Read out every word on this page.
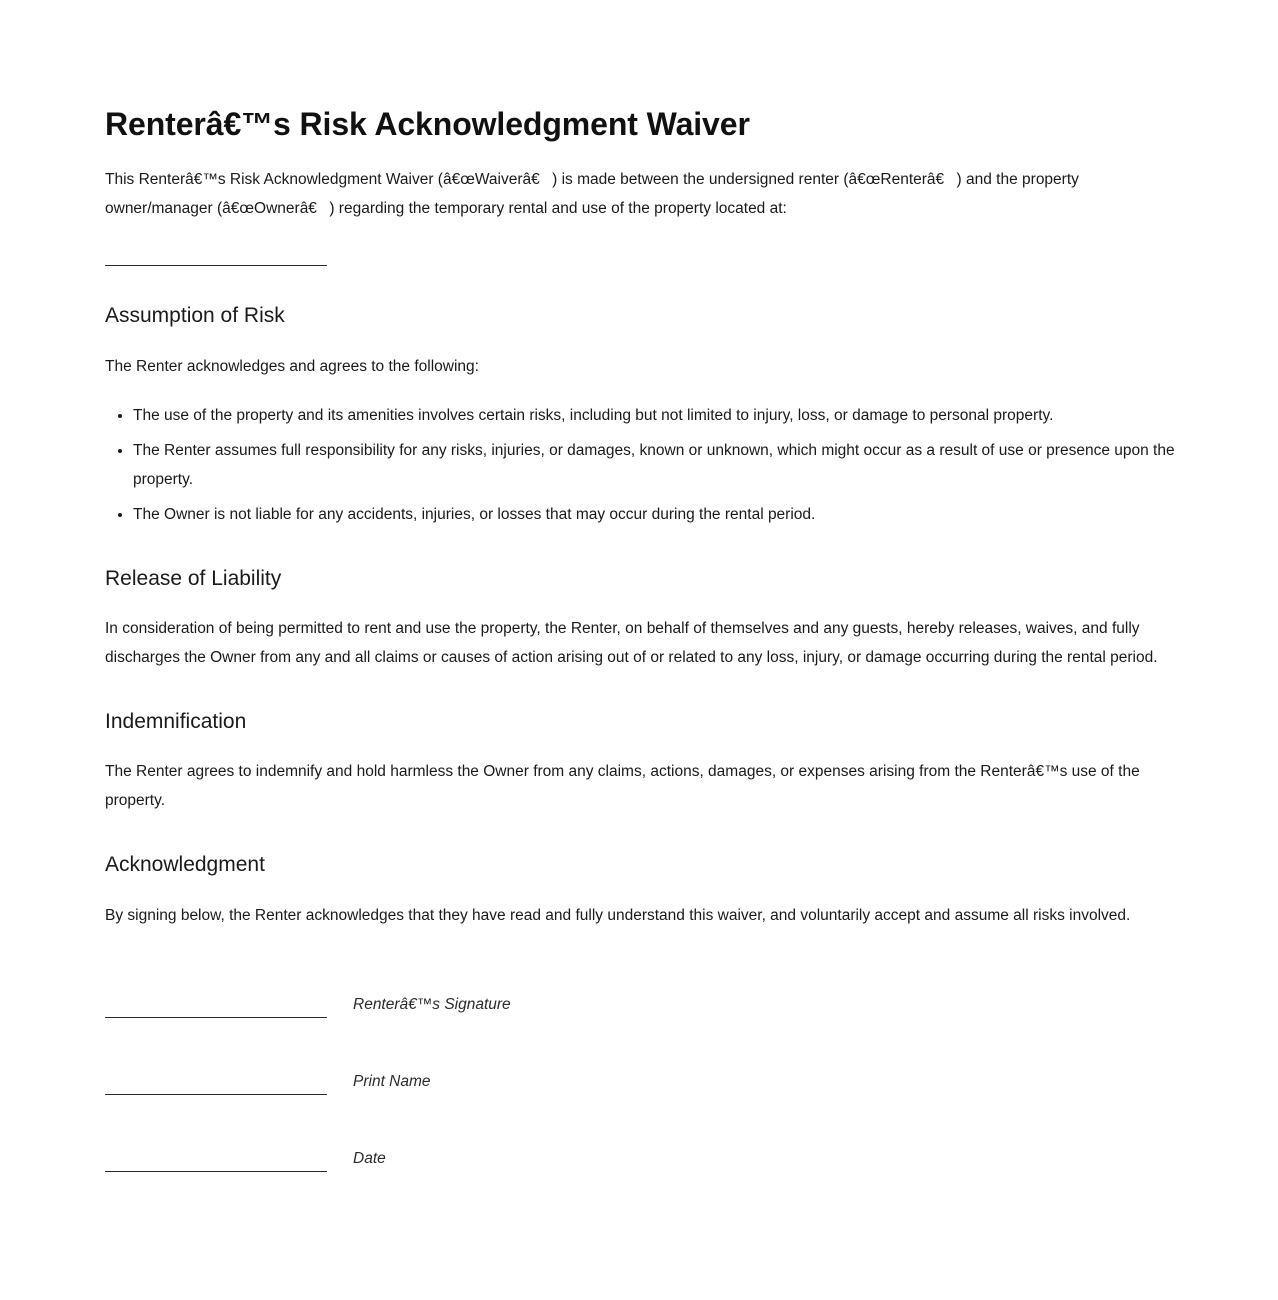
Renterâ€™s Risk Acknowledgment Waiver

This Renterâ€™s Risk Acknowledgment Waiver (â€œWaiverâ€) is made between the undersigned renter (â€œRenterâ€) and the property owner/manager (â€œOwnerâ€) regarding the temporary rental and use of the property located at:

Assumption of Risk

The Renter acknowledges and agrees to the following:

• The use of the property and its amenities involves certain risks, including but not limited to injury, loss, or damage to personal property.
• The Renter assumes full responsibility for any risks, injuries, or damages, known or unknown, which might occur as a result of use or presence upon the property.
• The Owner is not liable for any accidents, injuries, or losses that may occur during the rental period.
Release of Liability

In consideration of being permitted to rent and use the property, the Renter, on behalf of themselves and any guests, hereby releases, waives, and fully discharges the Owner from any and all claims or causes of action arising out of or related to any loss, injury, or damage occurring during the rental period.

Indemnification

The Renter agrees to indemnify and hold harmless the Owner from any claims, actions, damages, or expenses arising from the Renterâ€™s use of the property.

Acknowledgment

By signing below, the Renter acknowledges that they have read and fully understand this waiver, and voluntarily accept and assume all risks involved.

Renterâ€™s Signature
Print Name
Date
